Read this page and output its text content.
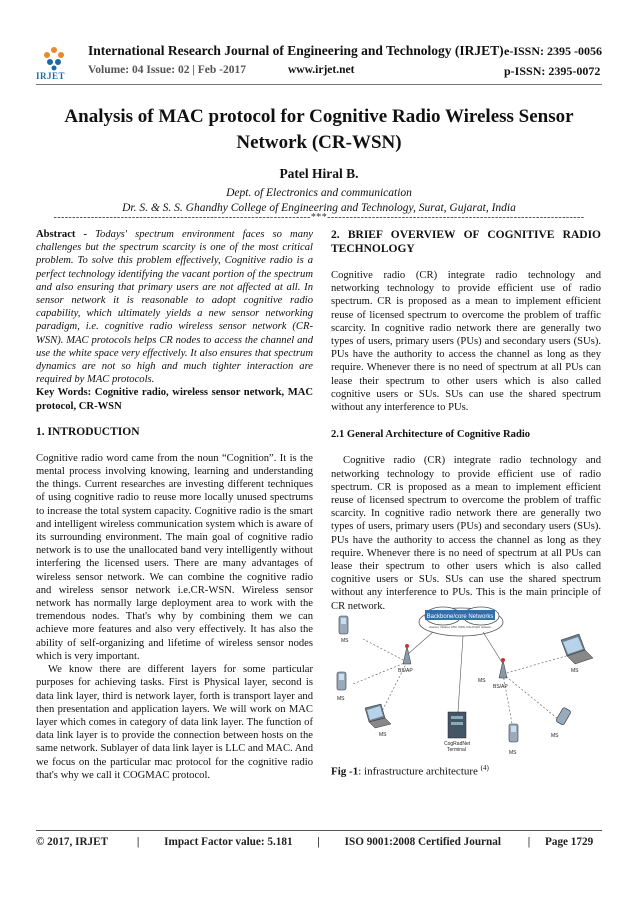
IRJET
International Research Journal of Engineering and Technology (IRJET) e-ISSN: 2395 -0056
Volume: 04 Issue: 02 | Feb -2017	www.irjet.net	p-ISSN: 2395-0072
Analysis of MAC protocol for Cognitive Radio Wireless Sensor Network (CR-WSN)
Patel Hiral B.
Dept. of Electronics and communication
Dr. S. & S. S. Ghandhy College of Engineering and Technology, Surat, Gujarat, India
---------------------------------------------------------------------***---------------------------------------------------------------------

Abstract - Todays' spectrum environment faces so many challenges but the spectrum scarcity is one of the most critical problem. To solve this problem effectively, Cognitive radio is a perfect technology identifying the vacant portion of the spectrum and also ensuring that primary users are not affected at all. In sensor network it is reasonable to adopt cognitive radio capability, which ultimately yields a new sensor networking paradigm, i.e. cognitive radio wireless sensor network (CR-WSN). MAC protocols helps CR nodes to access the channel and use the white space very effectively. It also ensures that spectrum dynamics are not so high and much tighter interaction are required by MAC protocols.

Key Words: Cognitive radio, wireless sensor network, MAC protocol, CR-WSN

1. INTRODUCTION

Cognitive radio word came from the noun “Cognition”. It is the mental process involving knowing, learning and understanding the things. Current researches are investing different techniques of using cognitive radio to reuse more locally unused spectrums to increase the total system capacity. Cognitive radio is the smart and intelligent wireless communication system which is aware of its surrounding environment. The main goal of cognitive radio network is to use the unallocated band very intelligently without interfering the licensed users. There are many advantages of wireless sensor network. We can combine the cognitive radio and wireless sensor network i.e.CR-WSN. Wireless sensor network has normally large deployment area to work with the tremendous nodes. That's why by combining them we can achieve more features and also very effectively. It has also the ability of self-organizing and lifetime of wireless sensor nodes which is very important.

We know there are different layers for some particular purposes for achieving tasks. First is Physical layer, second is data link layer, third is network layer, forth is transport layer and then presentation and application layers. We will work on MAC layer which comes in category of data link layer. The function of data link layer is to provide the connection between hosts on the same network. Sublayer of data link layer is LLC and MAC. And we focus on the particular mac protocol for the cognitive radio that's why we call it COGMAC protocol.

2. BRIEF OVERVIEW OF COGNITIVE RADIO TECHNOLOGY

Cognitive radio (CR) integrate radio technology and networking technology to provide efficient use of radio spectrum. CR is proposed as a mean to implement efficient reuse of licensed spectrum to overcome the problem of traffic scarcity. In cognitive radio network there are generally two types of users, primary users (PUs) and secondary users (SUs). PUs have the authority to access the channel as long as they require. Whenever there is no need of spectrum at all PUs can lease their spectrum to other users which is also called cognitive users or SUs. SUs can use the shared spectrum without any interference to PUs.

2.1 General Architecture of Cognitive Radio

Cognitive radio (CR) integrate radio technology and networking technology to provide efficient use of radio spectrum. CR is proposed as a mean to implement efficient reuse of licensed spectrum to overcome the problem of traffic scarcity. In cognitive radio network there are generally two types of users, primary users (PUs) and secondary users (SUs). PUs have the authority to access the channel as long as they require. Whenever there is no need of spectrum at all PUs can lease their spectrum to other users which is also called cognitive users or SUs. SUs can use the shared spectrum without any interference to PUs. This is the main principle of CR network.

Backbone/core Networks
Internet, Intranet, ATM, ISDN, Fiber/Optic network...
MS
MS
BS/AP
MS
CogRadNet
Terminal
MS
BS/AP
MS
MS
MS
Fig -1: infrastructure architecture $^{(4)}$
© 2017, IRJET	| Impact Factor value: 5.181 | ISO 9001:2008 Certified Journal | Page 1729
